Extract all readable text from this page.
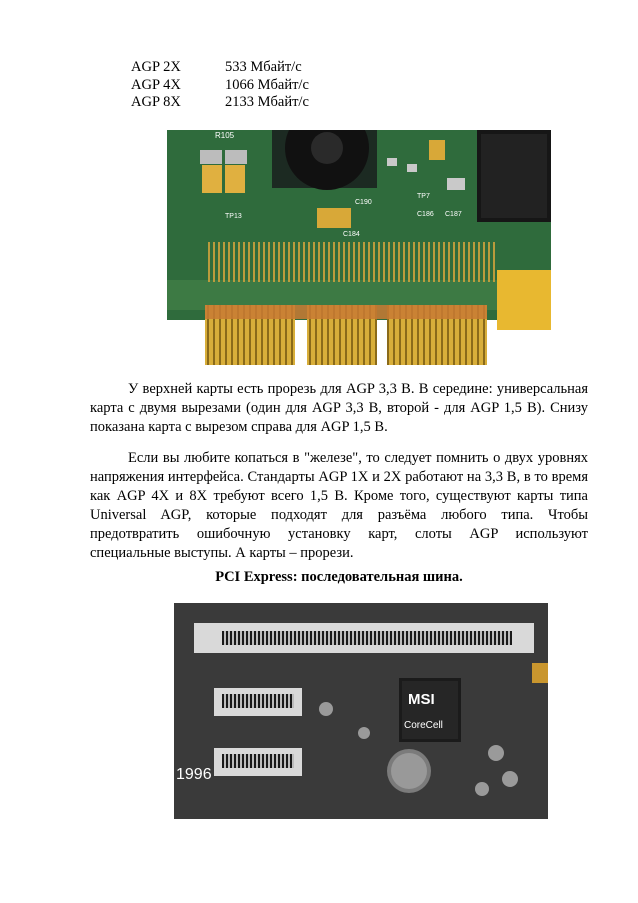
AGP 2X	533 Мбайт/с
AGP 4X	1066 Мбайт/с
AGP 8X	2133 Мбайт/с
R105
TP13
C190
C184
TP7
C186 C187

У верхней карты есть прорезь для AGP 3,3 В. В середине: универсальная карта с двумя вырезами (один для AGP 3,3 В, второй - для AGP 1,5 В). Снизу показана карта с вырезом справа для AGP 1,5 В.

Если вы любите копаться в "железе", то следует помнить о двух уровнях напряжения интерфейса. Стандарты AGP 1X и 2X работают на 3,3 В, в то время как AGP 4X и 8X требуют всего 1,5 В. Кроме того, существуют карты типа Universal AGP, которые подходят для разъёма любого типа. Чтобы предотвратить ошибочную установку карт, слоты AGP используют специальные выступы. А карты – прорези.

PCI Express: последовательная шина.
MSI
CoreCell
1996
